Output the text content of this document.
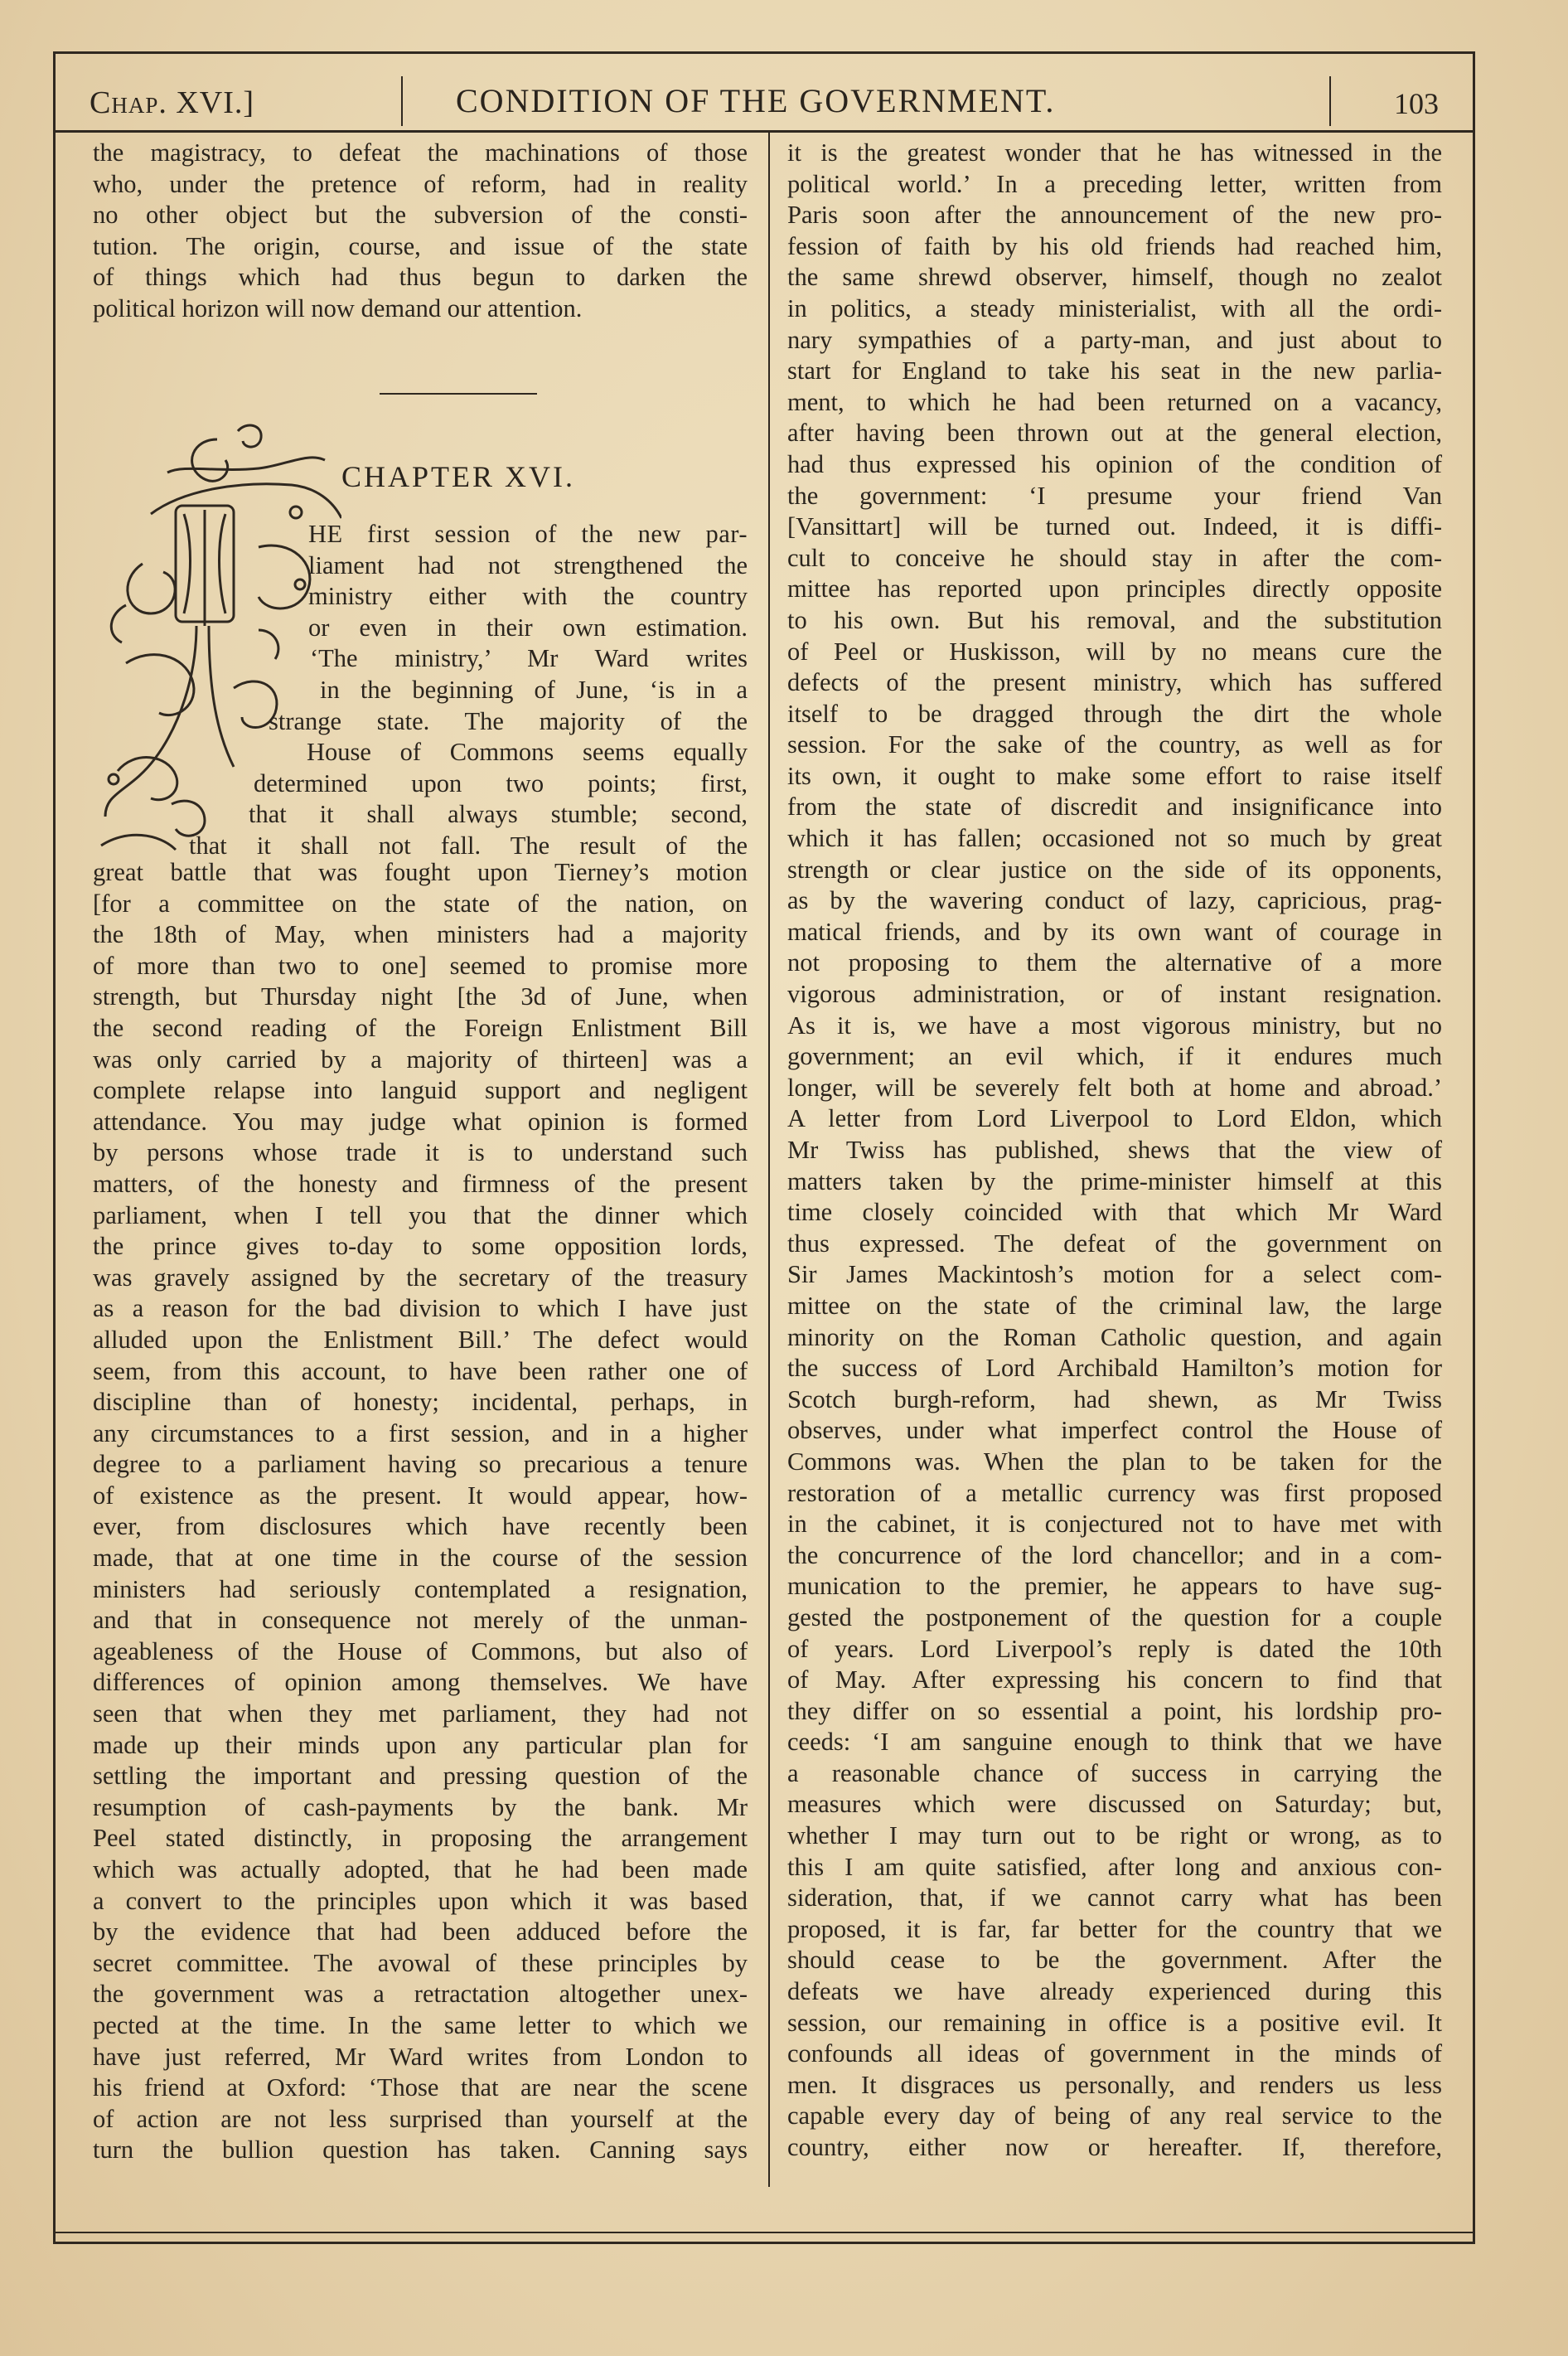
Chap. XVI.]	CONDITION OF THE GOVERNMENT.	103
the magistracy, to defeat the machinations of those
who, under the pretence of reform, had in reality
no other object but the subversion of the consti-
tution. The origin, course, and issue of the state
of things which had thus begun to darken the
political horizon will now demand our attention.
CHAPTER XVI.
HE first session of the new par-
liament had not strengthened the
ministry either with the country
or even in their own estimation.
‘The ministry,’ Mr Ward writes
in the beginning of June, ‘is in a
strange state. The majority of the
House of Commons seems equally
determined upon two points; first,
that it shall always stumble; second,
that it shall not fall. The result of the
great battle that was fought upon Tierney’s motion
[for a committee on the state of the nation, on
the 18th of May, when ministers had a majority
of more than two to one] seemed to promise more
strength, but Thursday night [the 3d of June, when
the second reading of the Foreign Enlistment Bill
was only carried by a majority of thirteen] was a
complete relapse into languid support and negligent
attendance. You may judge what opinion is formed
by persons whose trade it is to understand such
matters, of the honesty and firmness of the present
parliament, when I tell you that the dinner which
the prince gives to-day to some opposition lords,
was gravely assigned by the secretary of the treasury
as a reason for the bad division to which I have just
alluded upon the Enlistment Bill.’ The defect would
seem, from this account, to have been rather one of
discipline than of honesty; incidental, perhaps, in
any circumstances to a first session, and in a higher
degree to a parliament having so precarious a tenure
of existence as the present. It would appear, how-
ever, from disclosures which have recently been
made, that at one time in the course of the session
ministers had seriously contemplated a resignation,
and that in consequence not merely of the unman-
ageableness of the House of Commons, but also of
differences of opinion among themselves. We have
seen that when they met parliament, they had not
made up their minds upon any particular plan for
settling the important and pressing question of the
resumption of cash-payments by the bank. Mr
Peel stated distinctly, in proposing the arrangement
which was actually adopted, that he had been made
a convert to the principles upon which it was based
by the evidence that had been adduced before the
secret committee. The avowal of these principles by
the government was a retractation altogether unex-
pected at the time. In the same letter to which we
have just referred, Mr Ward writes from London to
his friend at Oxford: ‘Those that are near the scene
of action are not less surprised than yourself at the
turn the bullion question has taken. Canning says
it is the greatest wonder that he has witnessed in the
political world.’ In a preceding letter, written from
Paris soon after the announcement of the new pro-
fession of faith by his old friends had reached him,
the same shrewd observer, himself, though no zealot
in politics, a steady ministerialist, with all the ordi-
nary sympathies of a party-man, and just about to
start for England to take his seat in the new parlia-
ment, to which he had been returned on a vacancy,
after having been thrown out at the general election,
had thus expressed his opinion of the condition of
the government: ‘I presume your friend Van
[Vansittart] will be turned out. Indeed, it is diffi-
cult to conceive he should stay in after the com-
mittee has reported upon principles directly opposite
to his own. But his removal, and the substitution
of Peel or Huskisson, will by no means cure the
defects of the present ministry, which has suffered
itself to be dragged through the dirt the whole
session. For the sake of the country, as well as for
its own, it ought to make some effort to raise itself
from the state of discredit and insignificance into
which it has fallen; occasioned not so much by great
strength or clear justice on the side of its opponents,
as by the wavering conduct of lazy, capricious, prag-
matical friends, and by its own want of courage in
not proposing to them the alternative of a more
vigorous administration, or of instant resignation.
As it is, we have a most vigorous ministry, but no
government; an evil which, if it endures much
longer, will be severely felt both at home and abroad.’
A letter from Lord Liverpool to Lord Eldon, which
Mr Twiss has published, shews that the view of
matters taken by the prime-minister himself at this
time closely coincided with that which Mr Ward
thus expressed. The defeat of the government on
Sir James Mackintosh’s motion for a select com-
mittee on the state of the criminal law, the large
minority on the Roman Catholic question, and again
the success of Lord Archibald Hamilton’s motion for
Scotch burgh-reform, had shewn, as Mr Twiss
observes, under what imperfect control the House of
Commons was. When the plan to be taken for the
restoration of a metallic currency was first proposed
in the cabinet, it is conjectured not to have met with
the concurrence of the lord chancellor; and in a com-
munication to the premier, he appears to have sug-
gested the postponement of the question for a couple
of years. Lord Liverpool’s reply is dated the 10th
of May. After expressing his concern to find that
they differ on so essential a point, his lordship pro-
ceeds: ‘I am sanguine enough to think that we have
a reasonable chance of success in carrying the
measures which were discussed on Saturday; but,
whether I may turn out to be right or wrong, as to
this I am quite satisfied, after long and anxious con-
sideration, that, if we cannot carry what has been
proposed, it is far, far better for the country that we
should cease to be the government. After the
defeats we have already experienced during this
session, our remaining in office is a positive evil. It
confounds all ideas of government in the minds of
men. It disgraces us personally, and renders us less
capable every day of being of any real service to the
country, either now or hereafter. If, therefore,
